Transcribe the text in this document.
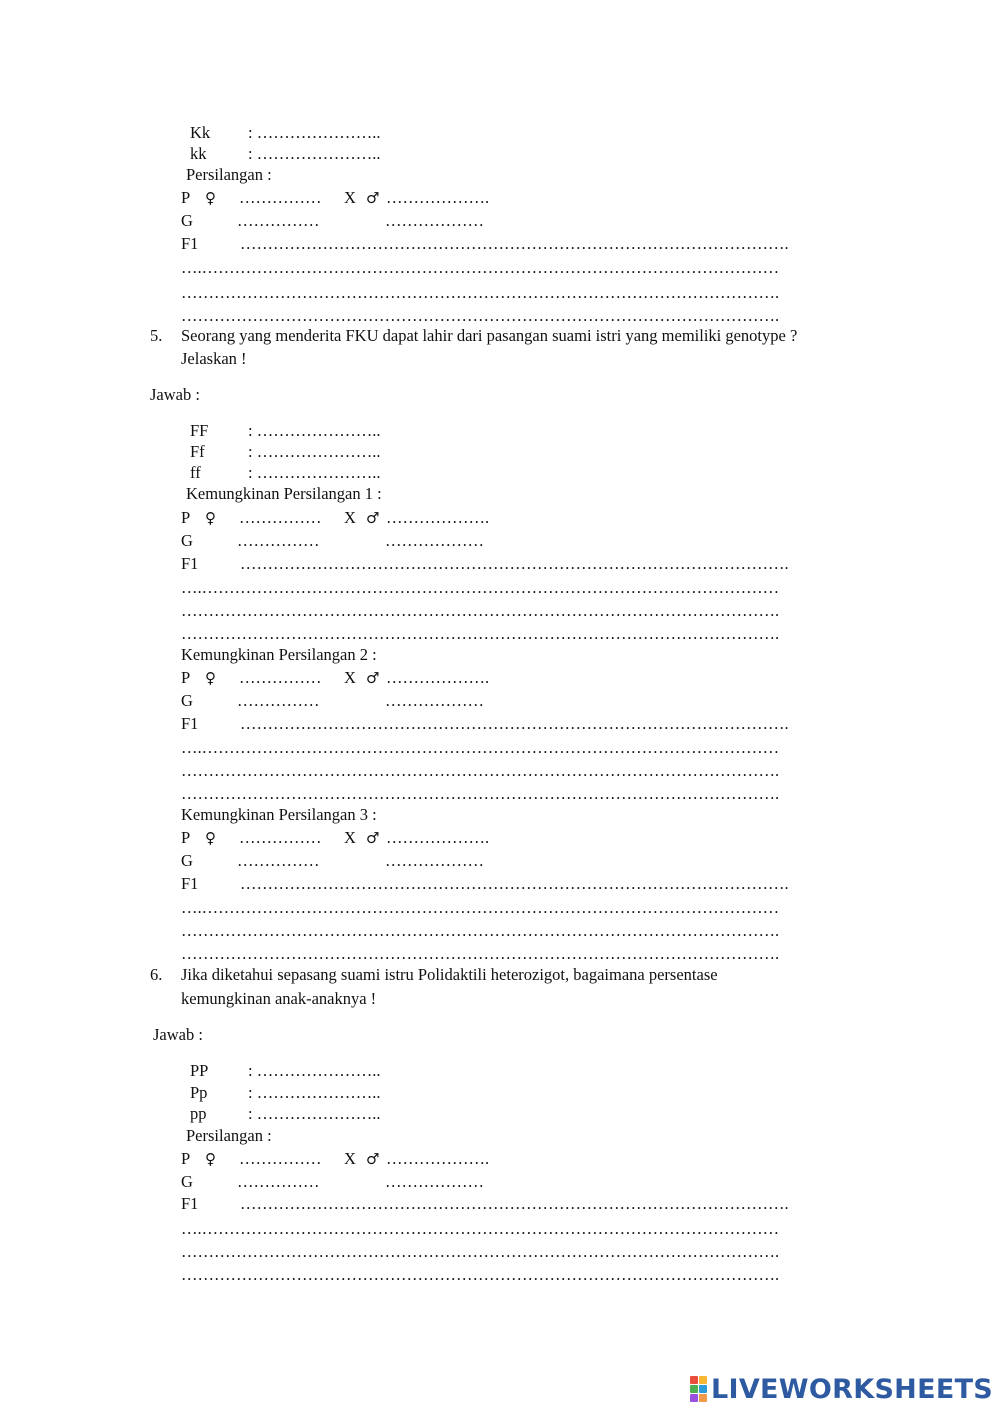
Kk : …………………..
kk	: …………………..
Persilangan :
P ♀ …………… X ♂ ……………….
G	……………	………………
F1	……………………………………………………………………………………….
….……………………………………………………………………………………………
……………………………………………………………………………………………….
……………………………………………………………………………………………….
5. Seorang yang menderita FKU dapat lahir dari pasangan suami istri yang memiliki genotype ?
Jelaskan !
Jawab :
FF : …………………..
Ff	: …………………..
ff	: …………………..
Kemungkinan Persilangan 1 :
P ♀ …………… X ♂ ……………….
G	……………	………………
F1	……………………………………………………………………………………….
….……………………………………………………………………………………………
……………………………………………………………………………………………….
……………………………………………………………………………………………….
Kemungkinan Persilangan 2 :
P ♀ …………… X ♂ ……………….
G	……………	………………
F1	……………………………………………………………………………………….
….……………………………………………………………………………………………
……………………………………………………………………………………………….
……………………………………………………………………………………………….
Kemungkinan Persilangan 3 :
P ♀ …………… X ♂ ……………….
G	……………	………………
F1	……………………………………………………………………………………….
….……………………………………………………………………………………………
……………………………………………………………………………………………….
……………………………………………………………………………………………….
6. Jika diketahui sepasang suami istru Polidaktili heterozigot, bagaimana persentase
kemungkinan anak-anaknya !
Jawab :
PP : …………………..
Pp : …………………..
pp	: …………………..
Persilangan :
P ♀ …………… X ♂ ……………….
G	……………	………………
F1	……………………………………………………………………………………….
….……………………………………………………………………………………………
……………………………………………………………………………………………….
……………………………………………………………………………………………….
LIVEWORKSHEETS
